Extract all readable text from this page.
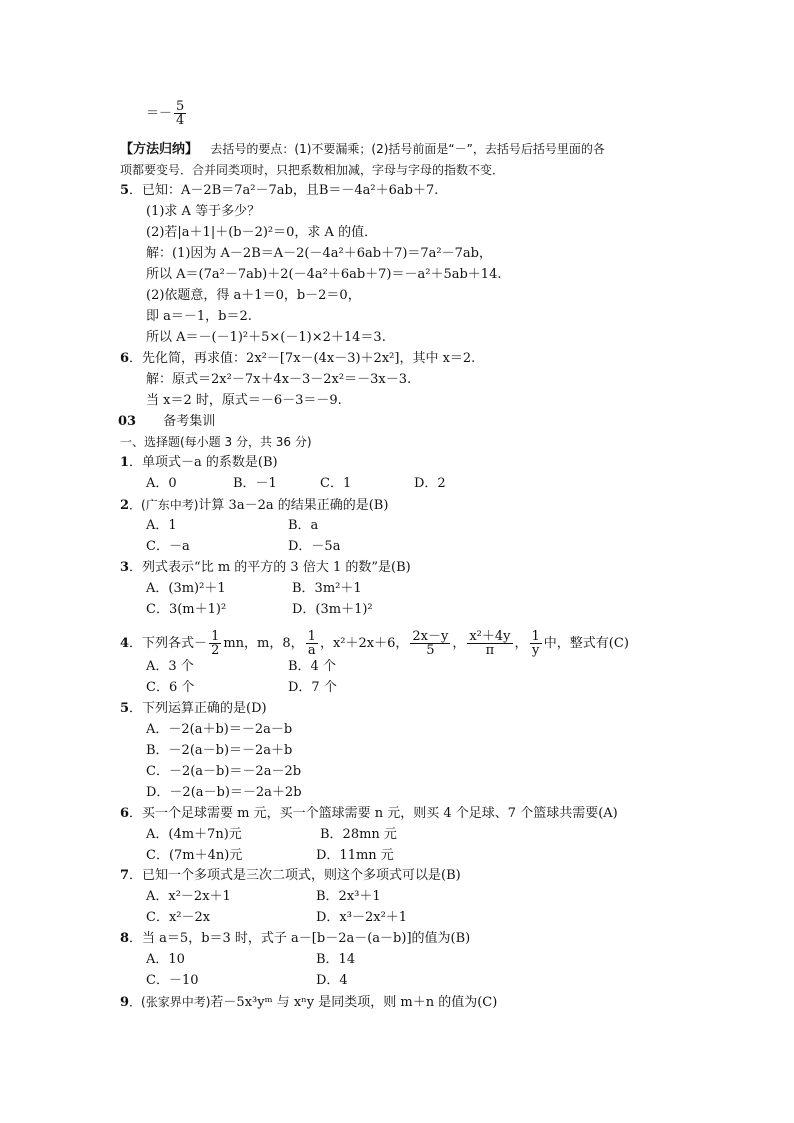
＝－ $\frac{5}{4}$
【方法归纳】 去括号的要点：(1)不要漏乘；(2)括号前面是“－”，去括号后括号里面的各
项都要变号．合并同类项时，只把系数相加减，字母与字母的指数不变．
5．已知：A－2B＝7a²－7ab，且B＝－4a²＋6ab＋7.
(1)求 A 等于多少？
(2)若|a＋1|＋(b－2)²＝0，求 A 的值．
解：(1)因为 A－2B＝A－2(－4a²＋6ab＋7)＝7a²－7ab，
所以 A＝(7a²－7ab)＋2(－4a²＋6ab＋7)＝－a²＋5ab＋14.
(2)依题意，得 a＋1＝0，b－2＝0，
即 a＝－1，b＝2.
所以 A＝－(－1)²＋5×(－1)×2＋14＝3.
6．先化简，再求值：2x²－[7x－(4x－3)＋2x²]，其中 x＝2.
解：原式＝2x²－7x＋4x－3－2x²＝－3x－3.
当 x＝2 时，原式＝－6－3＝－9.
03 备考集训
一、选择题(每小题 3 分，共 36 分)
1．单项式－a 的系数是(B)
A．0	B．－1	C．1	D．2
2．(广东中考)计算 3a－2a 的结果正确的是(B)
A．1	B．a
C．－a	D．－5a
3．列式表示“比 m 的平方的 3 倍大 1 的数”是(B)
A．(3m)²＋1	B．3m²＋1
C．3(m＋1)²	D．(3m＋1)²
4．下列各式－ $\frac{1}{2}$ mn，m，8， $\frac{1}{a}$ ，x²＋2x＋6， $\frac{2x-y}{5}$ ， $\frac{\text{x²＋4y}}{\pi}$ ， $\frac{1}{y}$ 中，整式有(C)
A．3 个	B．4 个
C．6 个	D．7 个
5．下列运算正确的是(D)
A．－2(a＋b)＝－2a－b
B．－2(a－b)＝－2a＋b
C．－2(a－b)＝－2a－2b
D．－2(a－b)＝－2a＋2b
6．买一个足球需要 m 元，买一个篮球需要 n 元，则买 4 个足球、7 个篮球共需要(A)
A．(4m＋7n)元	B．28mn 元
C．(7m＋4n)元	D．11mn 元
7．已知一个多项式是三次二项式，则这个多项式可以是(B)
A．x²－2x＋1	B．2x³＋1
C．x²－2x	D．x³－2x²＋1
8．当 a＝5，b＝3 时，式子 a－[b－2a－(a－b)]的值为(B)
A．10	B．14
C．－10	D．4
9．(张家界中考)若－5x³yᵐ 与 xⁿy 是同类项，则 m＋n 的值为(C)
